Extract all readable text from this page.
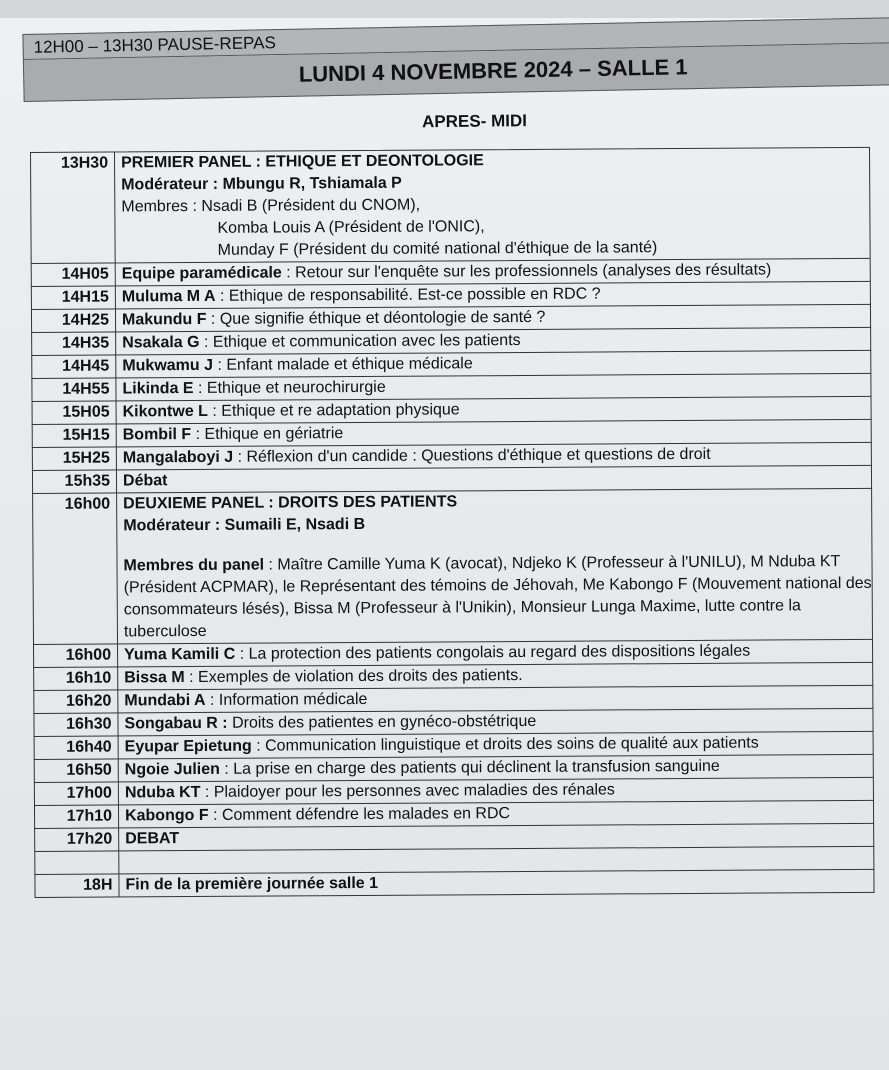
12H00 – 13H30 PAUSE-REPAS
LUNDI 4 NOVEMBRE 2024 – SALLE 1
APRES- MIDI
13H30 PREMIER PANEL : ETHIQUE ET DEONTOLOGIE
Modérateur : Mbungu R, Tshiamala P
Membres : Nsadi B (Président du CNOM),
Komba Louis A (Président de l'ONIC),
Munday F (Président du comité national d'éthique de la santé)
14H05 Equipe paramédicale : Retour sur l'enquête sur les professionnels (analyses des résultats)
14H15 Muluma M A : Ethique de responsabilité. Est-ce possible en RDC ?
14H25 Makundu F : Que signifie éthique et déontologie de santé ?
14H35 Nsakala G : Ethique et communication avec les patients
14H45 Mukwamu J : Enfant malade et éthique médicale
14H55 Likinda E : Ethique et neurochirurgie
15H05 Kikontwe L : Ethique et re adaptation physique
15H15 Bombil F : Ethique en gériatrie
15H25 Mangalaboyi J : Réflexion d'un candide : Questions d'éthique et questions de droit
15h35 Débat
16h00 DEUXIEME PANEL : DROITS DES PATIENTS
Modérateur : Sumaili E, Nsadi B
Membres du panel : Maître Camille Yuma K (avocat), Ndjeko K (Professeur à l'UNILU), M Nduba KT (Président ACPMAR), le Représentant des témoins de Jéhovah, Me Kabongo F (Mouvement national des consommateurs lésés), Bissa M (Professeur à l'Unikin), Monsieur Lunga Maxime, lutte contre la tuberculose
16h00 Yuma Kamili C : La protection des patients congolais au regard des dispositions légales
16h10 Bissa M : Exemples de violation des droits des patients.
16h20 Mundabi A : Information médicale
16h30 Songabau R : Droits des patientes en gynéco-obstétrique
16h40 Eyupar Epietung : Communication linguistique et droits des soins de qualité aux patients
16h50 Ngoie Julien : La prise en charge des patients qui déclinent la transfusion sanguine
17h00 Nduba KT : Plaidoyer pour les personnes avec maladies des rénales
17h10 Kabongo F : Comment défendre les malades en RDC
17h20 DEBAT

18H Fin de la première journée salle 1
